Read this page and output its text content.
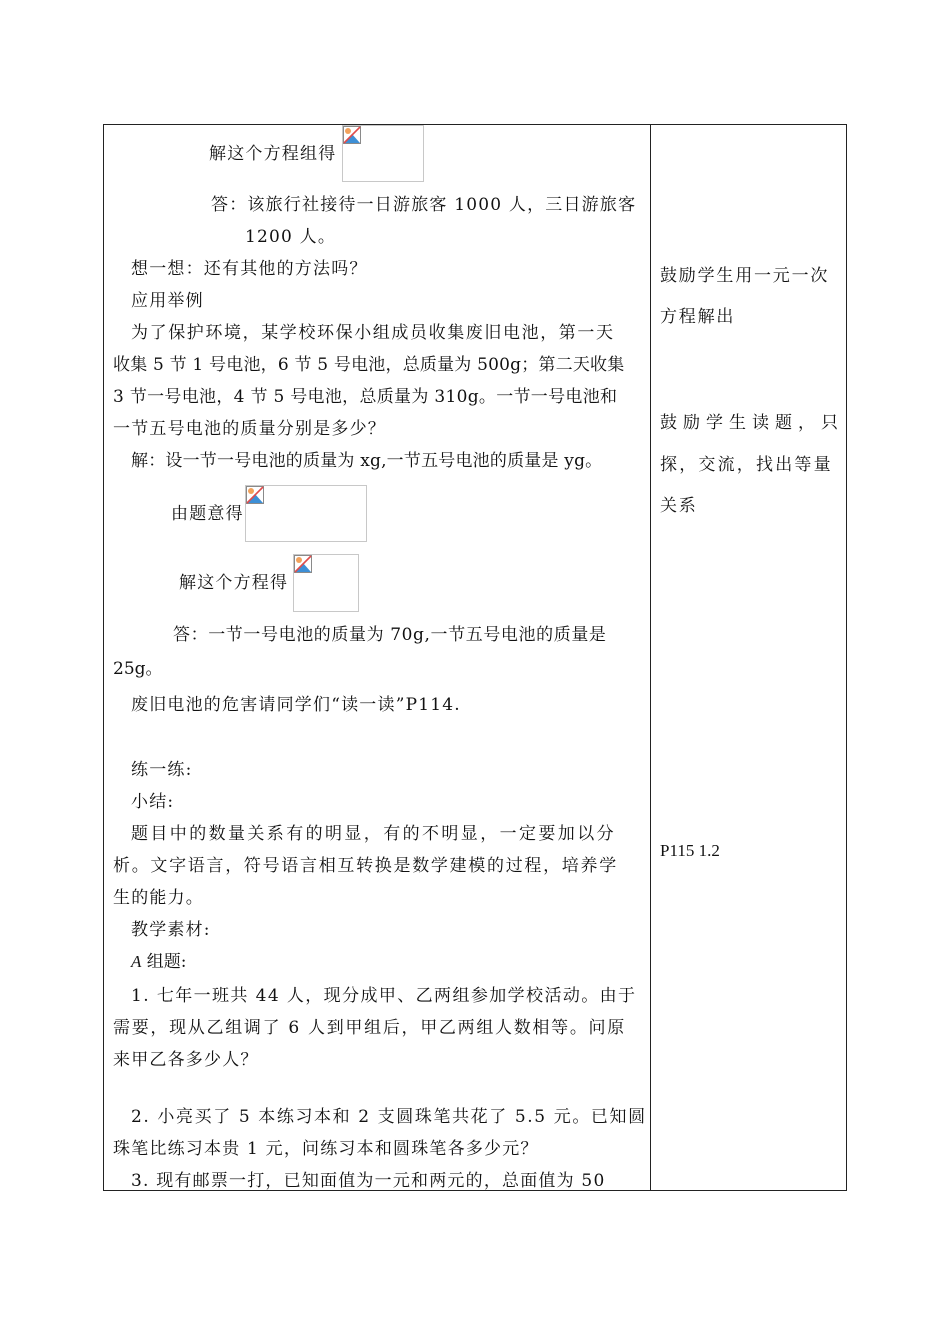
解这个方程组得
答：该旅行社接待一日游旅客 1000 人，三日游旅客
1200 人。
想一想：还有其他的方法吗？
应用举例
为了保护环境，某学校环保小组成员收集废旧电池，第一天
收集 5 节 1 号电池，6 节 5 号电池，总质量为 500g；第二天收集
3 节一号电池，4 节 5 号电池，总质量为 310g。一节一号电池和
一节五号电池的质量分别是多少？
解：设一节一号电池的质量为 xg,一节五号电池的质量是 yg。
由题意得
解这个方程得
答：一节一号电池的质量为 70g,一节五号电池的质量是
25g。
废旧电池的危害请同学们“读一读”P114.
练一练:
小结:
题目中的数量关系有的明显，有的不明显，一定要加以分
析。文字语言，符号语言相互转换是数学建模的过程，培养学
生的能力。
教学素材:
A 组题:
1. 七年一班共 44 人，现分成甲、乙两组参加学校活动。由于
需要，现从乙组调了 6 人到甲组后，甲乙两组人数相等。问原
来甲乙各多少人？
2. 小亮买了 5 本练习本和 2 支圆珠笔共花了 5.5 元。已知圆
珠笔比练习本贵 1 元，问练习本和圆珠笔各多少元？
3. 现有邮票一打，已知面值为一元和两元的，总面值为 50
鼓励学生用一元一次
方程解出
鼓励学生读题，只
探，交流，找出等量
关系
P115 1.2
